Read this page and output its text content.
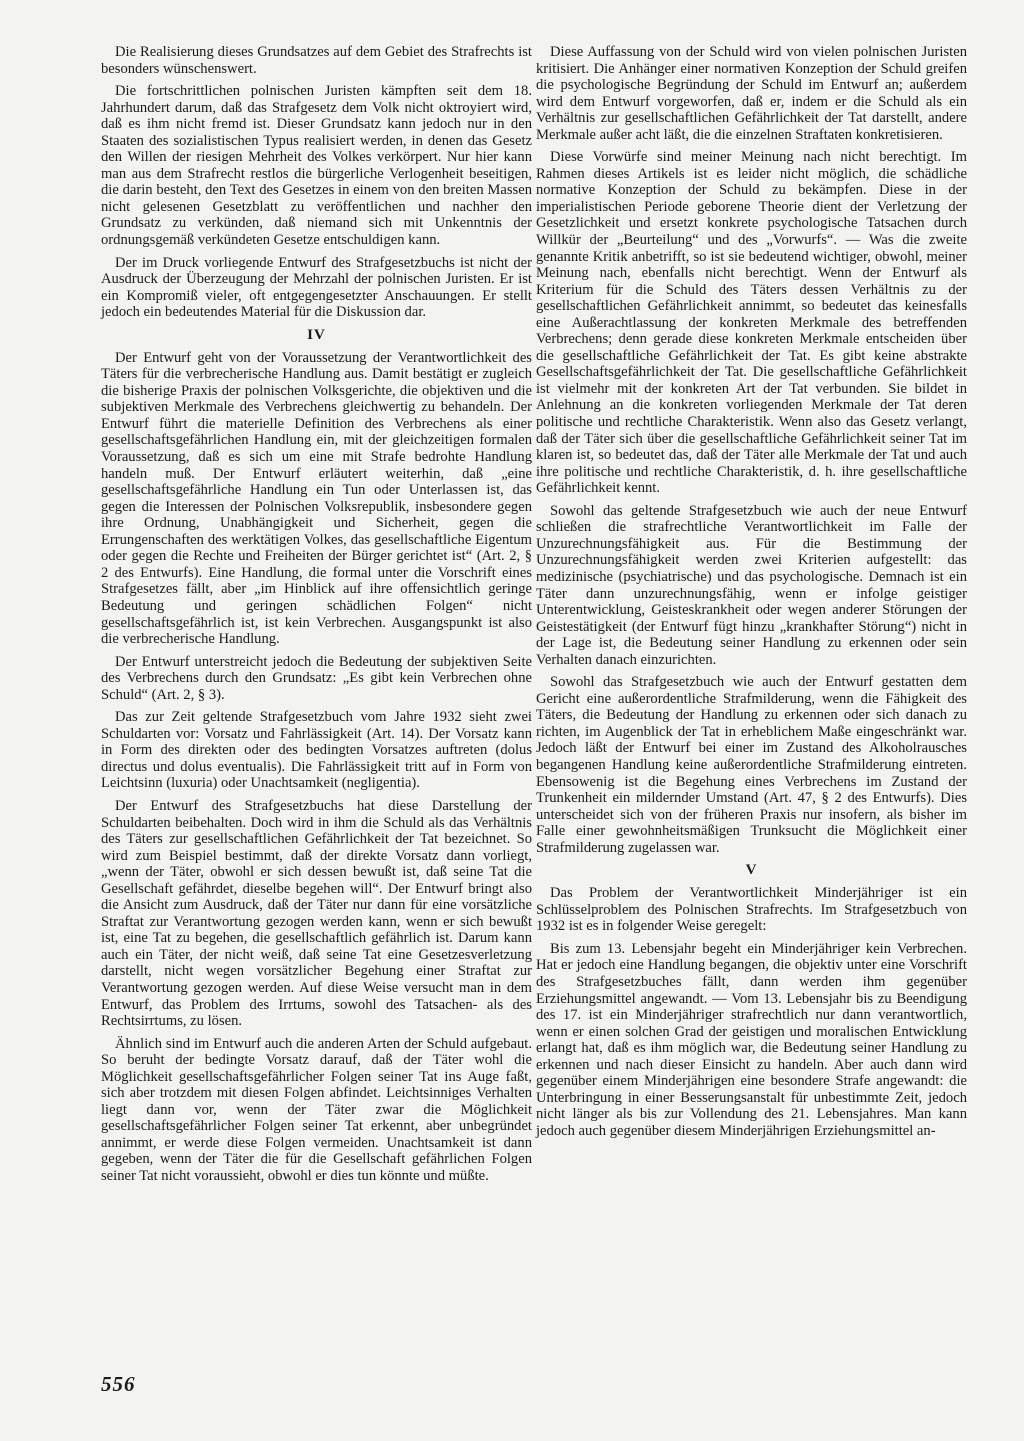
Die Realisierung dieses Grundsatzes auf dem Gebiet des Strafrechts ist besonders wünschenswert.

Die fortschrittlichen polnischen Juristen kämpften seit dem 18. Jahrhundert darum, daß das Strafgesetz dem Volk nicht oktroyiert wird, daß es ihm nicht fremd ist. Dieser Grundsatz kann jedoch nur in den Staaten des sozialistischen Typus realisiert werden, in denen das Gesetz den Willen der riesigen Mehrheit des Volkes verkörpert. Nur hier kann man aus dem Strafrecht restlos die bürgerliche Verlogenheit beseitigen, die darin besteht, den Text des Gesetzes in einem von den breiten Massen nicht gelesenen Gesetzblatt zu veröffentlichen und nachher den Grundsatz zu verkünden, daß niemand sich mit Unkenntnis der ordnungsgemäß verkündeten Gesetze entschuldigen kann.

Der im Druck vorliegende Entwurf des Strafgesetzbuchs ist nicht der Ausdruck der Überzeugung der Mehrzahl der polnischen Juristen. Er ist ein Kompromiß vieler, oft entgegengesetzter Anschauungen. Er stellt jedoch ein bedeutendes Material für die Diskussion dar.

IV

Der Entwurf geht von der Voraussetzung der Verantwortlichkeit des Täters für die verbrecherische Handlung aus. Damit bestätigt er zugleich die bisherige Praxis der polnischen Volksgerichte, die objektiven und die subjektiven Merkmale des Verbrechens gleichwertig zu behandeln. Der Entwurf führt die materielle Definition des Verbrechens als einer gesellschaftsgefährlichen Handlung ein, mit der gleichzeitigen formalen Voraussetzung, daß es sich um eine mit Strafe bedrohte Handlung handeln muß. Der Entwurf erläutert weiterhin, daß „eine gesellschaftsgefährliche Handlung ein Tun oder Unterlassen ist, das gegen die Interessen der Polnischen Volksrepublik, insbesondere gegen ihre Ordnung, Unabhängigkeit und Sicherheit, gegen die Errungenschaften des werktätigen Volkes, das gesellschaftliche Eigentum oder gegen die Rechte und Freiheiten der Bürger gerichtet ist“ (Art. 2, § 2 des Entwurfs). Eine Handlung, die formal unter die Vorschrift eines Strafgesetzes fällt, aber „im Hinblick auf ihre offensichtlich geringe Bedeutung und geringen schädlichen Folgen“ nicht gesellschaftsgefährlich ist, ist kein Verbrechen. Ausgangspunkt ist also die verbrecherische Handlung.

Der Entwurf unterstreicht jedoch die Bedeutung der subjektiven Seite des Verbrechens durch den Grundsatz: „Es gibt kein Verbrechen ohne Schuld“ (Art. 2, § 3).

Das zur Zeit geltende Strafgesetzbuch vom Jahre 1932 sieht zwei Schuldarten vor: Vorsatz und Fahrlässigkeit (Art. 14). Der Vorsatz kann in Form des direkten oder des bedingten Vorsatzes auftreten (dolus directus und dolus eventualis). Die Fahrlässigkeit tritt auf in Form von Leichtsinn (luxuria) oder Unachtsamkeit (negligentia).

Der Entwurf des Strafgesetzbuchs hat diese Darstellung der Schuldarten beibehalten. Doch wird in ihm die Schuld als das Verhältnis des Täters zur gesellschaftlichen Gefährlichkeit der Tat bezeichnet. So wird zum Beispiel bestimmt, daß der direkte Vorsatz dann vorliegt, „wenn der Täter, obwohl er sich dessen bewußt ist, daß seine Tat die Gesellschaft gefährdet, dieselbe begehen will“. Der Entwurf bringt also die Ansicht zum Ausdruck, daß der Täter nur dann für eine vorsätzliche Straftat zur Verantwortung gezogen werden kann, wenn er sich bewußt ist, eine Tat zu begehen, die gesellschaftlich gefährlich ist. Darum kann auch ein Täter, der nicht weiß, daß seine Tat eine Gesetzesverletzung darstellt, nicht wegen vorsätzlicher Begehung einer Straftat zur Verantwortung gezogen werden. Auf diese Weise versucht man in dem Entwurf, das Problem des Irrtums, sowohl des Tatsachen- als des Rechtsirrtums, zu lösen.

Ähnlich sind im Entwurf auch die anderen Arten der Schuld aufgebaut. So beruht der bedingte Vorsatz darauf, daß der Täter wohl die Möglichkeit gesellschaftsgefährlicher Folgen seiner Tat ins Auge faßt, sich aber trotzdem mit diesen Folgen abfindet. Leichtsinniges Verhalten liegt dann vor, wenn der Täter zwar die Möglichkeit gesellschaftsgefährlicher Folgen seiner Tat erkennt, aber unbegründet annimmt, er werde diese Folgen vermeiden. Unachtsamkeit ist dann gegeben, wenn der Täter die für die Gesellschaft gefährlichen Folgen seiner Tat nicht voraussieht, obwohl er dies tun könnte und müßte.

Diese Auffassung von der Schuld wird von vielen polnischen Juristen kritisiert. Die Anhänger einer normativen Konzeption der Schuld greifen die psychologische Begründung der Schuld im Entwurf an; außerdem wird dem Entwurf vorgeworfen, daß er, indem er die Schuld als ein Verhältnis zur gesellschaftlichen Gefährlichkeit der Tat darstellt, andere Merkmale außer acht läßt, die die einzelnen Straftaten konkretisieren.

Diese Vorwürfe sind meiner Meinung nach nicht berechtigt. Im Rahmen dieses Artikels ist es leider nicht möglich, die schädliche normative Konzeption der Schuld zu bekämpfen. Diese in der imperialistischen Periode geborene Theorie dient der Verletzung der Gesetzlichkeit und ersetzt konkrete psychologische Tatsachen durch Willkür der „Beurteilung“ und des „Vorwurfs“. — Was die zweite genannte Kritik anbetrifft, so ist sie bedeutend wichtiger, obwohl, meiner Meinung nach, ebenfalls nicht berechtigt. Wenn der Entwurf als Kriterium für die Schuld des Täters dessen Verhältnis zu der gesellschaftlichen Gefährlichkeit annimmt, so bedeutet das keinesfalls eine Außerachtlassung der konkreten Merkmale des betreffenden Verbrechens; denn gerade diese konkreten Merkmale entscheiden über die gesellschaftliche Gefährlichkeit der Tat. Es gibt keine abstrakte Gesellschaftsgefährlichkeit der Tat. Die gesellschaftliche Gefährlichkeit ist vielmehr mit der konkreten Art der Tat verbunden. Sie bildet in Anlehnung an die konkreten vorliegenden Merkmale der Tat deren politische und rechtliche Charakteristik. Wenn also das Gesetz verlangt, daß der Täter sich über die gesellschaftliche Gefährlichkeit seiner Tat im klaren ist, so bedeutet das, daß der Täter alle Merkmale der Tat und auch ihre politische und rechtliche Charakteristik, d. h. ihre gesellschaftliche Gefährlichkeit kennt.

Sowohl das geltende Strafgesetzbuch wie auch der neue Entwurf schließen die strafrechtliche Verantwortlichkeit im Falle der Unzurechnungsfähigkeit aus. Für die Bestimmung der Unzurechnungsfähigkeit werden zwei Kriterien aufgestellt: das medizinische (psychiatrische) und das psychologische. Demnach ist ein Täter dann unzurechnungsfähig, wenn er infolge geistiger Unterentwicklung, Geisteskrankheit oder wegen anderer Störungen der Geistestätigkeit (der Entwurf fügt hinzu „krankhafter Störung“) nicht in der Lage ist, die Bedeutung seiner Handlung zu erkennen oder sein Verhalten danach einzurichten.

Sowohl das Strafgesetzbuch wie auch der Entwurf gestatten dem Gericht eine außerordentliche Strafmilderung, wenn die Fähigkeit des Täters, die Bedeutung der Handlung zu erkennen oder sich danach zu richten, im Augenblick der Tat in erheblichem Maße eingeschränkt war. Jedoch läßt der Entwurf bei einer im Zustand des Alkoholrausches begangenen Handlung keine außerordentliche Strafmilderung eintreten. Ebensowenig ist die Begehung eines Verbrechens im Zustand der Trunkenheit ein mildernder Umstand (Art. 47, § 2 des Entwurfs). Dies unterscheidet sich von der früheren Praxis nur insofern, als bisher im Falle einer gewohnheitsmäßigen Trunksucht die Möglichkeit einer Strafmilderung zugelassen war.

V

Das Problem der Verantwortlichkeit Minderjähriger ist ein Schlüsselproblem des Polnischen Strafrechts. Im Strafgesetzbuch von 1932 ist es in folgender Weise geregelt:

Bis zum 13. Lebensjahr begeht ein Minderjähriger kein Verbrechen. Hat er jedoch eine Handlung begangen, die objektiv unter eine Vorschrift des Strafgesetzbuches fällt, dann werden ihm gegenüber Erziehungsmittel angewandt. — Vom 13. Lebensjahr bis zu Beendigung des 17. ist ein Minderjähriger strafrechtlich nur dann verantwortlich, wenn er einen solchen Grad der geistigen und moralischen Entwicklung erlangt hat, daß es ihm möglich war, die Bedeutung seiner Handlung zu erkennen und nach dieser Einsicht zu handeln. Aber auch dann wird gegenüber einem Minderjährigen eine besondere Strafe angewandt: die Unterbringung in einer Besserungsanstalt für unbestimmte Zeit, jedoch nicht länger als bis zur Vollendung des 21. Lebensjahres. Man kann jedoch auch gegenüber diesem Minderjährigen Erziehungsmittel an-

556
